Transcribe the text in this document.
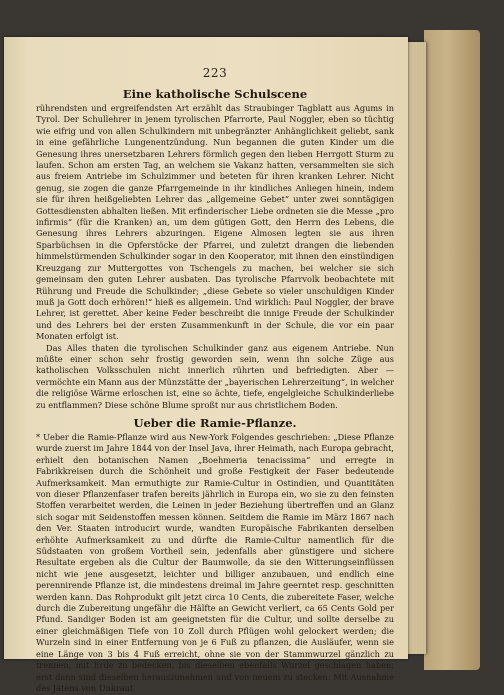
223
Eine katholische Schulscene

rührendsten und ergreifendsten Art erzählt das Straubinger Tagblatt aus Agums in Tyrol. Der Schullehrer in jenem tyrolischen Pfarrorte, Paul Noggler, eben so tüchtig wie eifrig und von allen Schulkindern mit unbegränzter Anhänglichkeit geliebt, sank in eine gefährliche Lungenentzündung. Nun begannen die guten Kinder um die Genesung ihres unersetzbaren Lehrers förmlich gegen den lieben Herrgott Sturm zu laufen. Schon am ersten Tag, an welchem sie Vakanz hatten, versammelten sie sich aus freiem Antriebe im Schulzimmer und beteten für ihren kranken Lehrer. Nicht genug, sie zogen die ganze Pfarrgemeinde in ihr kindliches Anliegen hinein, indem sie für ihren heißgeliebten Lehrer das „allgemeine Gebet“ unter zwei sonntägigen Gottesdiensten abhalten ließen. Mit erfinderischer Liebe ordneten sie die Messe „pro infirmis“ (für die Kranken) an, um dem gütigen Gott, den Herrn des Lebens, die Genesung ihres Lehrers abzuringen. Eigene Almosen legten sie aus ihren Sparbüchsen in die Opferstöcke der Pfarrei, und zuletzt drangen die liebenden himmelstürmenden Schulkinder sogar in den Kooperator, mit ihnen den einstündigen Kreuzgang zur Muttergottes von Tschengels zu machen, bei welcher sie sich gemeinsam den guten Lehrer ausbaten. Das tyrolische Pfarrvolk beobachtete mit Rührung und Freude die Schulkinder; „diese Gebete so vieler unschuldigen Kinder muß ja Gott doch erhören!“ hieß es allgemein. Und wirklich: Paul Noggler, der brave Lehrer, ist gerettet. Aber keine Feder beschreibt die innige Freude der Schulkinder und des Lehrers bei der ersten Zusammenkunft in der Schule, die vor ein paar Monaten erfolgt ist.

Das Alles thaten die tyrolischen Schulkinder ganz aus eigenem Antriebe. Nun müßte einer schon sehr frostig geworden sein, wenn ihn solche Züge aus katholischen Volksschulen nicht innerlich rührten und befriedigten. Aber — vermöchte ein Mann aus der Münzstätte der „bayerischen Lehrerzeitung“, in welcher die religiöse Wärme erloschen ist, eine so ächte, tiefe, engelgleiche Schulkinderliebe zu entflammen? Diese schöne Blume sproßt nur aus christlichem Boden.

Ueber die Ramie-Pflanze.

* Ueber die Ramie-Pflanze wird aus New-York Folgendes geschrieben: „Diese Pflanze wurde zuerst im Jahre 1844 von der Insel Java, ihrer Heimath, nach Europa gebracht, erhielt den botanischen Namen „Boehmeria tenacissima“ und erregte in Fabrikkreisen durch die Schönheit und große Festigkeit der Faser bedeutende Aufmerksamkeit. Man ermuthigte zur Ramie-Cultur in Ostindien, und Quantitäten von dieser Pflanzenfaser trafen bereits jährlich in Europa ein, wo sie zu den feinsten Stoffen verarbeitet werden, die Leinen in jeder Beziehung übertreffen und an Glanz sich sogar mit Seidenstoffen messen können. Seitdem die Ramie im März 1867 nach den Ver. Staaten introducirt wurde, wandten Europäische Fabrikanten derselben erhöhte Aufmerksamkeit zu und dürfte die Ramie-Cultur namentlich für die Südstaaten von großem Vortheil sein, jedenfalls aber günstigere und sichere Resultate ergeben als die Cultur der Baumwolle, da sie den Witterungseinflüssen nicht wie jene ausgesetzt, leichter und billiger anzubauen, und endlich eine perennirende Pflanze ist, die mindestens dreimal im Jahre geerntet resp. geschnitten werden kann. Das Rohprodukt gilt jetzt circa 10 Cents, die zubereitete Faser, welche durch die Zubereitung ungefähr die Hälfte an Gewicht verliert, ca 65 Cents Gold per Pfund. Sandiger Boden ist am geeignetsten für die Cultur, und sollte derselbe zu einer gleichmäßigen Tiefe von 10 Zoll durch Pflügen wohl gelockert werden; die Wurzeln sind in einer Entfernung von je 6 Fuß zu pflanzen, die Ausläufer, wenn sie eine Länge von 3 bis 4 Fuß erreicht, ohne sie von der Stammwurzel gänzlich zu trennen, mit Erde zu bedecken, bis dieselben ebenfalls Wurzel geschlagen haben; erst dann sind dieselben herauszunehmen und von neuem zu stecken. Mit Ausnahme des Jätens von Unkraut
